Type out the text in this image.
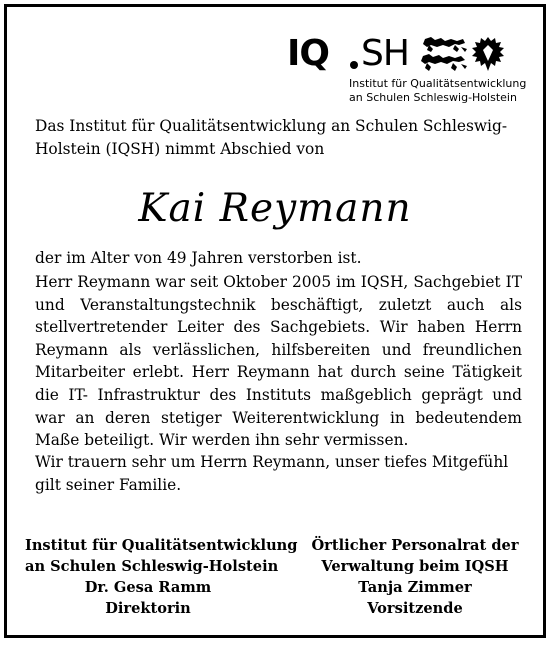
IQ SH
Institut für Qualitätsentwicklung
an Schulen Schleswig-Holstein

Das Institut für Qualitätsentwicklung an Schulen Schleswig-Holstein (IQSH) nimmt Abschied von

Kai Reymann

der im Alter von 49 Jahren verstorben ist.

Herr Reymann war seit Oktober 2005 im IQSH, Sachgebiet IT und Veranstaltungstechnik beschäftigt, zuletzt auch als stellvertretender Leiter des Sachgebiets. Wir haben Herrn Reymann als verlässlichen, hilfsbereiten und freundlichen Mitarbeiter erlebt. Herr Reymann hat durch seine Tätigkeit die IT- Infrastruktur des Instituts maßgeblich geprägt und war an deren stetiger Weiterentwicklung in bedeutendem Maße beteiligt. Wir werden ihn sehr vermissen.

Wir trauern sehr um Herrn Reymann, unser tiefes Mitgefühl gilt seiner Familie.

Institut für Qualitätsentwicklung
an Schulen Schleswig-Holstein
Dr. Gesa Ramm
Direktorin
Örtlicher Personalrat der
Verwaltung beim IQSH
Tanja Zimmer
Vorsitzende
